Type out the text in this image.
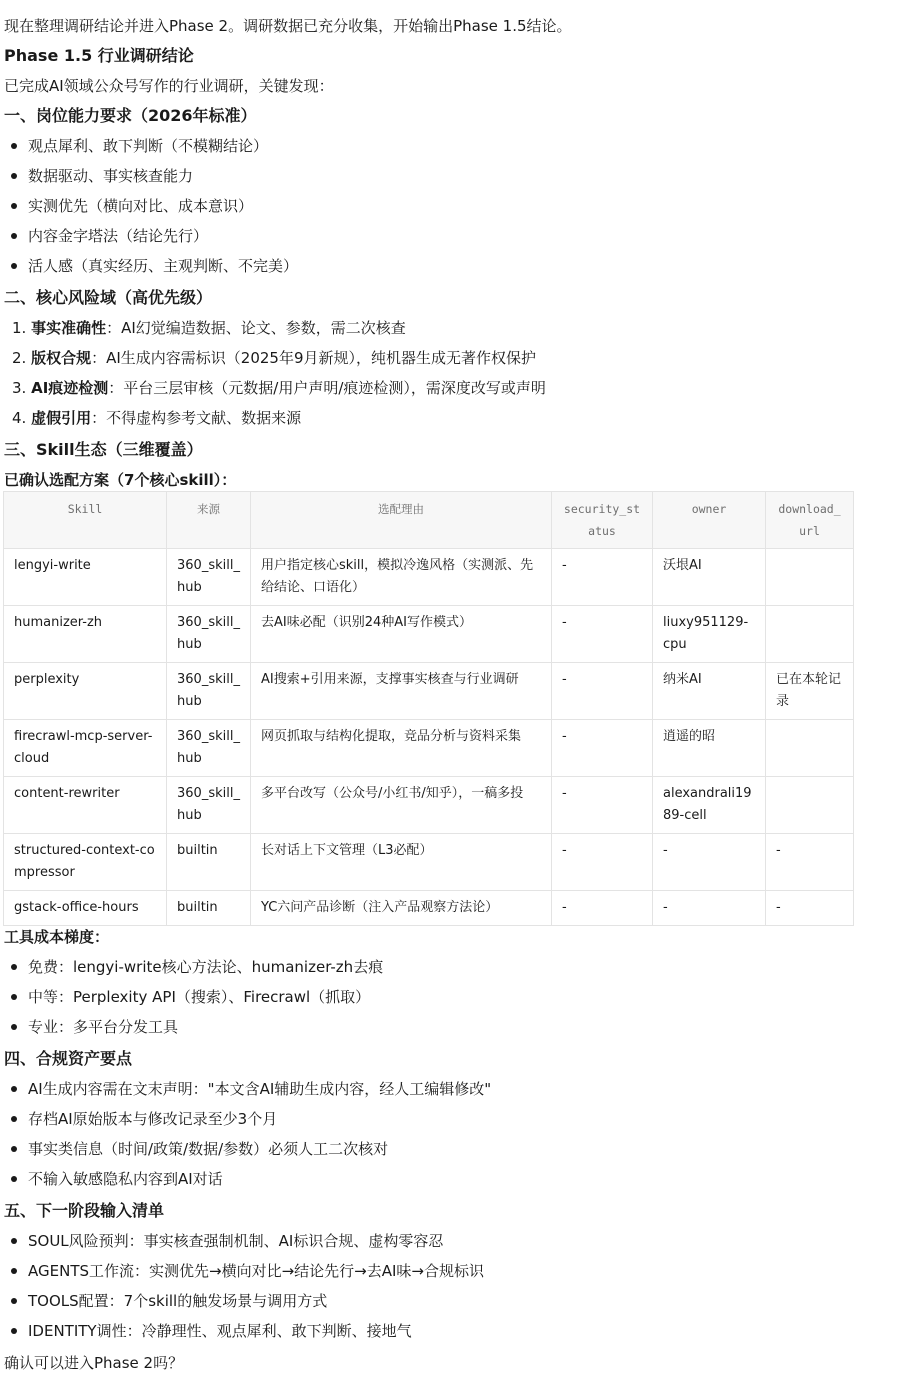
现在整理调研结论并进入Phase 2。调研数据已充分收集，开始输出Phase 1.5结论。
Phase 1.5 行业调研结论
已完成AI领域公众号写作的行业调研，关键发现：
一、岗位能力要求（2026年标准）
观点犀利、敢下判断（不模糊结论）
数据驱动、事实核查能力
实测优先（横向对比、成本意识）
内容金字塔法（结论先行）
活人感（真实经历、主观判断、不完美）
二、核心风险域（高优先级）
1. 事实准确性：AI幻觉编造数据、论文、参数，需二次核查
2. 版权合规：AI生成内容需标识（2025年9月新规），纯机器生成无著作权保护
3. AI痕迹检测：平台三层审核（元数据/用户声明/痕迹检测），需深度改写或声明
4. 虚假引用：不得虚构参考文献、数据来源
三、Skill生态（三维覆盖）
已确认选配方案（7个核心skill）：
Skill	来源	选配理由	security_status	owner	download_url
lengyi-write	360_skill_hub	用户指定核心skill，模拟冷逸风格（实测派、先给结论、口语化）	-	沃垠AI	
humanizer-zh	360_skill_hub	去AI味必配（识别24种AI写作模式）	-	liuxy951129-cpu	
perplexity	360_skill_hub	AI搜索+引用来源，支撑事实核查与行业调研	-	纳米AI	已在本轮记录
firecrawl-mcp-server-cloud	360_skill_hub	网页抓取与结构化提取，竞品分析与资料采集	-	逍遥的昭	
content-rewriter	360_skill_hub	多平台改写（公众号/小红书/知乎），一稿多投	-	alexandrali1989-cell	
structured-context-compressor	builtin	长对话上下文管理（L3必配）	-	-	-
gstack-office-hours	builtin	YC六问产品诊断（注入产品观察方法论）	-	-	-
工具成本梯度：
免费：lengyi-write核心方法论、humanizer-zh去痕
中等：Perplexity API（搜索）、Firecrawl（抓取）
专业：多平台分发工具
四、合规资产要点
AI生成内容需在文末声明："本文含AI辅助生成内容，经人工编辑修改"
存档AI原始版本与修改记录至少3个月
事实类信息（时间/政策/数据/参数）必须人工二次核对
不输入敏感隐私内容到AI对话
五、下一阶段输入清单
SOUL风险预判：事实核查强制机制、AI标识合规、虚构零容忍
AGENTS工作流：实测优先→横向对比→结论先行→去AI味→合规标识
TOOLS配置：7个skill的触发场景与调用方式
IDENTITY调性：冷静理性、观点犀利、敢下判断、接地气
确认可以进入Phase 2吗？
